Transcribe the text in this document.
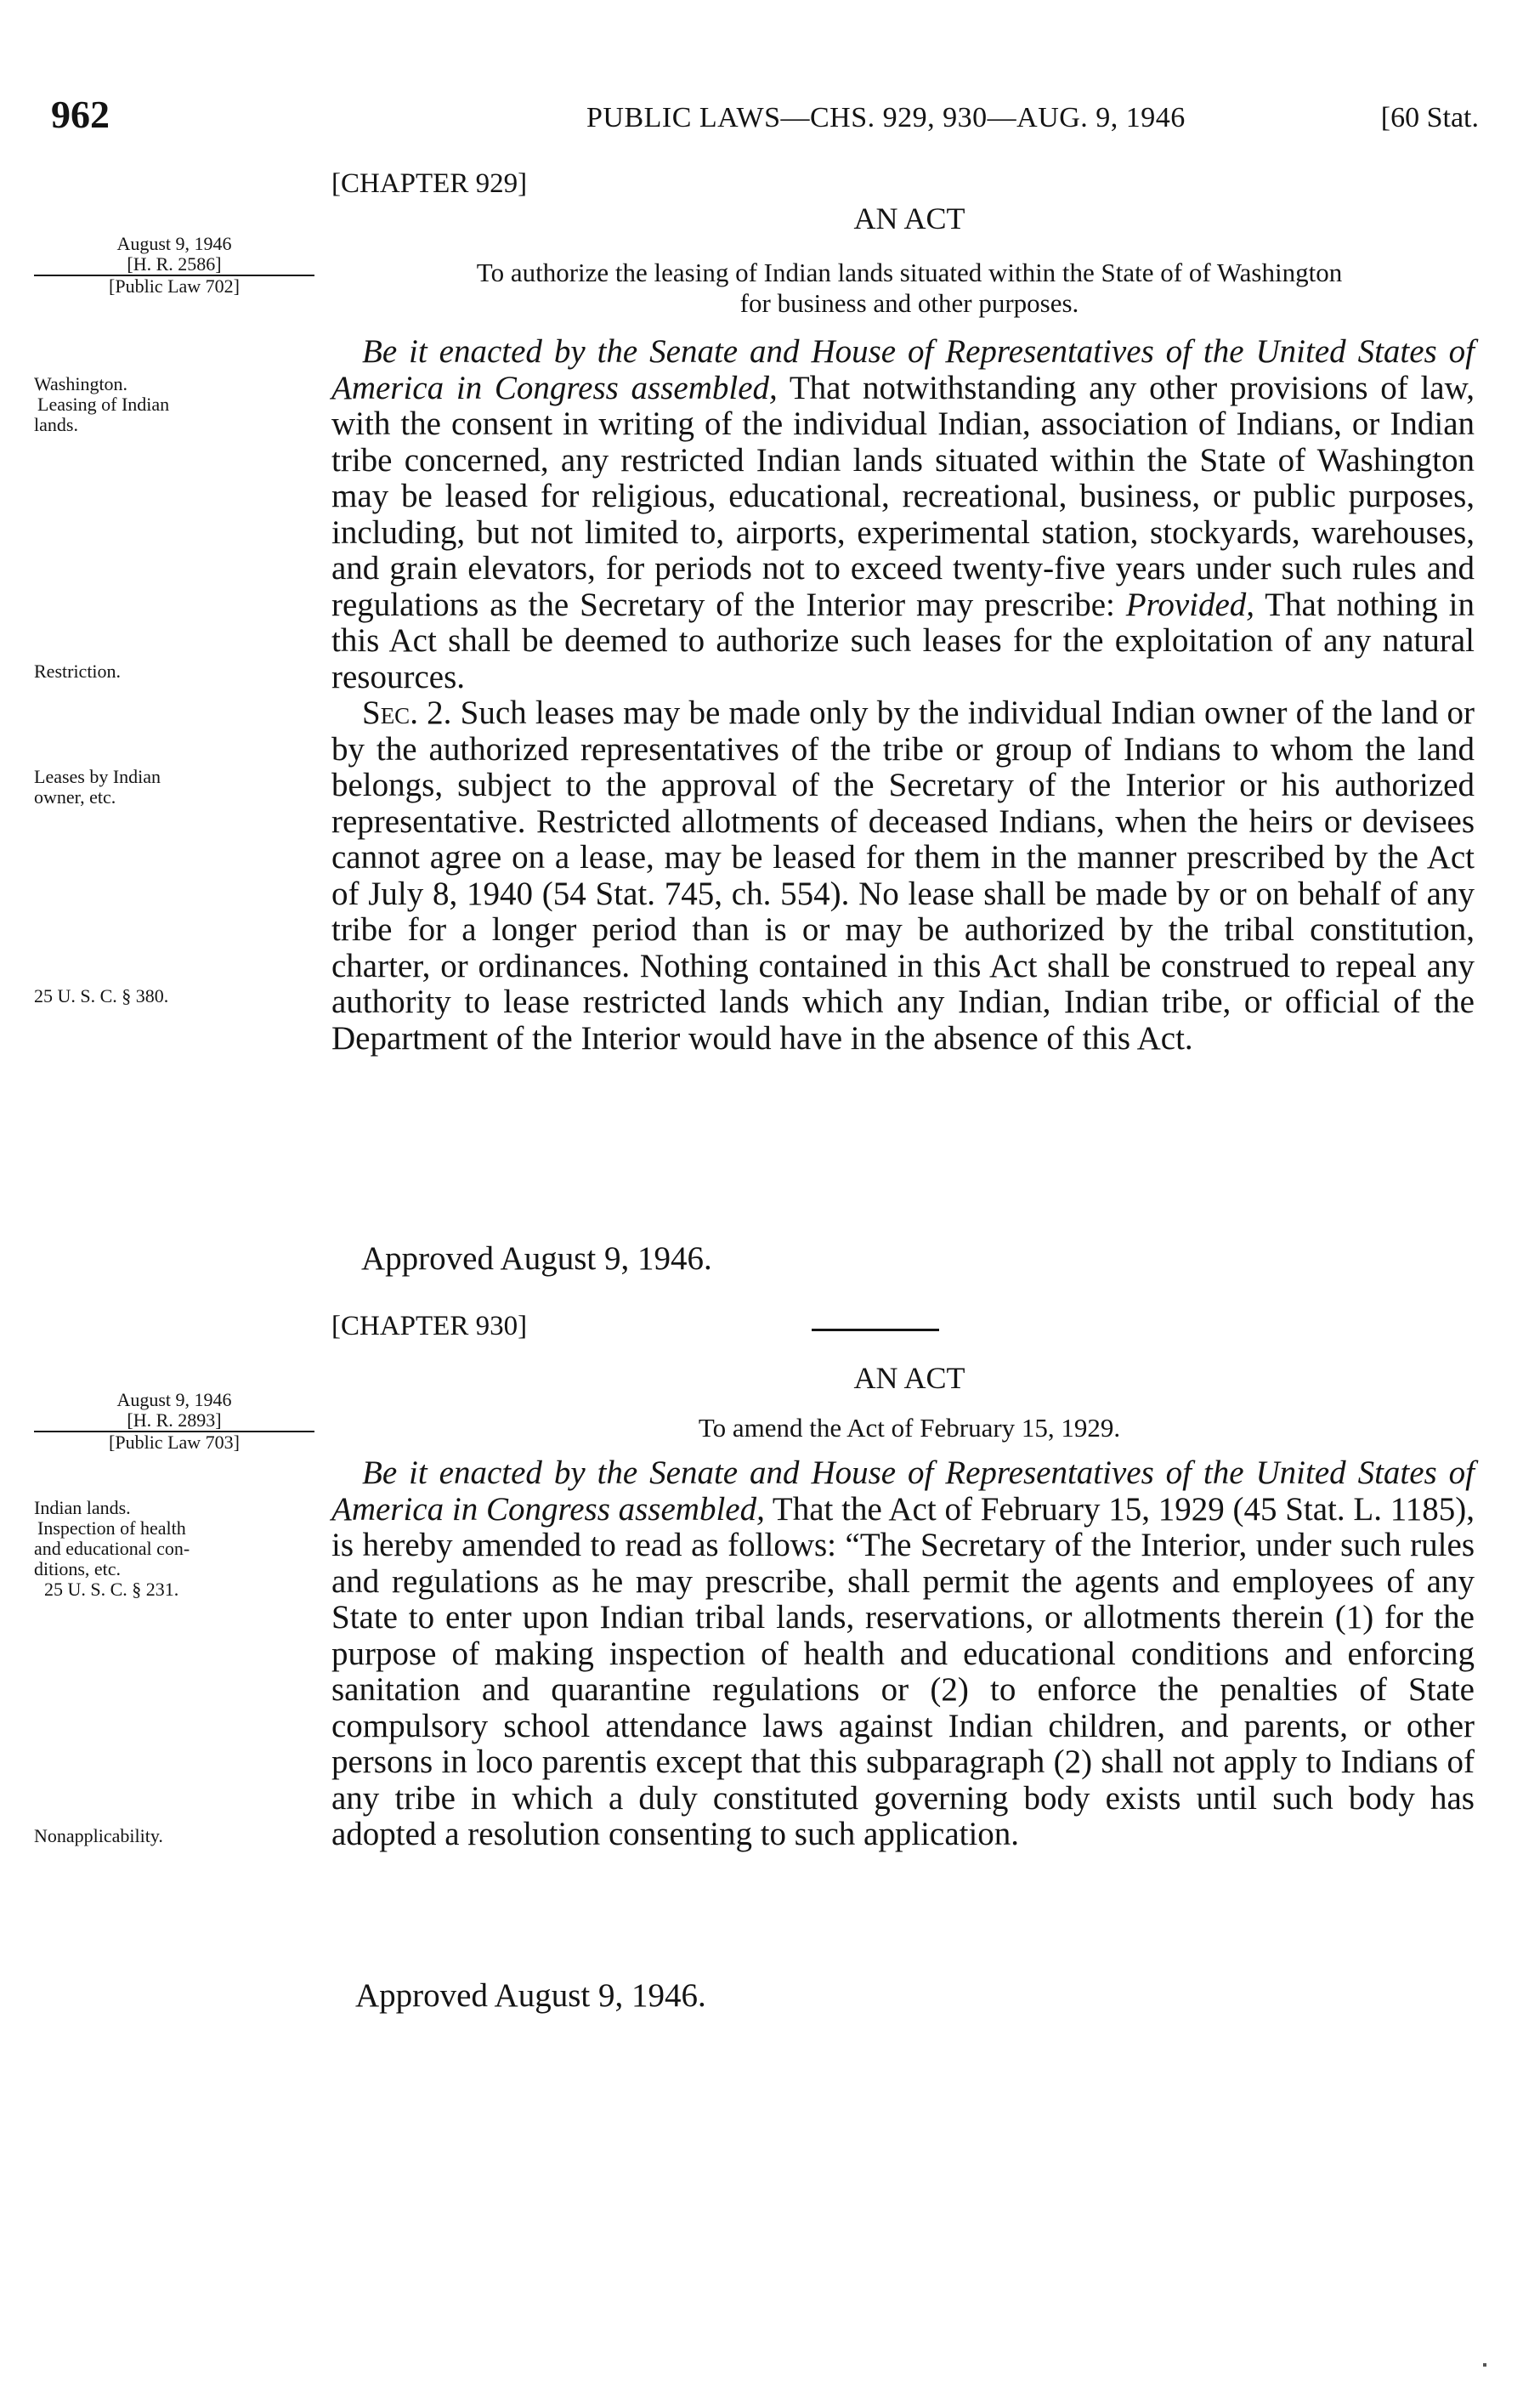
962	PUBLIC LAWS—CHS. 929, 930—AUG. 9, 1946	[60 Stat.
[CHAPTER 929]
AN ACT
To authorize the leasing of Indian lands situated within the State of of Washington
for business and other purposes.
August 9, 1946
[H. R. 2586]
[Public Law 702]
Washington.
Leasing of Indian
lands.
Restriction.
Leases by Indian
owner, etc.
25 U. S. C. § 380.

Be it enacted by the Senate and House of Representatives of the United States of America in Congress assembled, That notwithstanding any other provisions of law, with the consent in writing of the individual Indian, association of Indians, or Indian tribe concerned, any restricted Indian lands situated within the State of Washington may be leased for religious, educational, recreational, business, or public purposes, including, but not limited to, airports, experimental station, stockyards, warehouses, and grain elevators, for periods not to exceed twenty-five years under such rules and regulations as the Secretary of the Interior may prescribe: Provided, That nothing in this Act shall be deemed to authorize such leases for the exploitation of any natural resources.

Sec. 2. Such leases may be made only by the individual Indian owner of the land or by the authorized representatives of the tribe or group of Indians to whom the land belongs, subject to the approval of the Secretary of the Interior or his authorized representative. Restricted allotments of deceased Indians, when the heirs or devisees cannot agree on a lease, may be leased for them in the manner prescribed by the Act of July 8, 1940 (54 Stat. 745, ch. 554). No lease shall be made by or on behalf of any tribe for a longer period than is or may be authorized by the tribal constitution, charter, or ordinances. Nothing contained in this Act shall be construed to repeal any authority to lease restricted lands which any Indian, Indian tribe, or official of the Department of the Interior would have in the absence of this Act.

Approved August 9, 1946.
[CHAPTER 930]
AN ACT
To amend the Act of February 15, 1929.
August 9, 1946
[H. R. 2893]
[Public Law 703]
Indian lands.
Inspection of health
and educational con-
ditions, etc.
25 U. S. C. § 231.
Nonapplicability.

Be it enacted by the Senate and House of Representatives of the United States of America in Congress assembled, That the Act of February 15, 1929 (45 Stat. L. 1185), is hereby amended to read as follows: “The Secretary of the Interior, under such rules and regulations as he may prescribe, shall permit the agents and employees of any State to enter upon Indian tribal lands, reservations, or allotments therein (1) for the purpose of making inspection of health and educational conditions and enforcing sanitation and quarantine regulations or (2) to enforce the penalties of State compulsory school attendance laws against Indian children, and parents, or other persons in loco parentis except that this subparagraph (2) shall not apply to Indians of any tribe in which a duly constituted governing body exists until such body has adopted a resolution consenting to such application.

Approved August 9, 1946.
